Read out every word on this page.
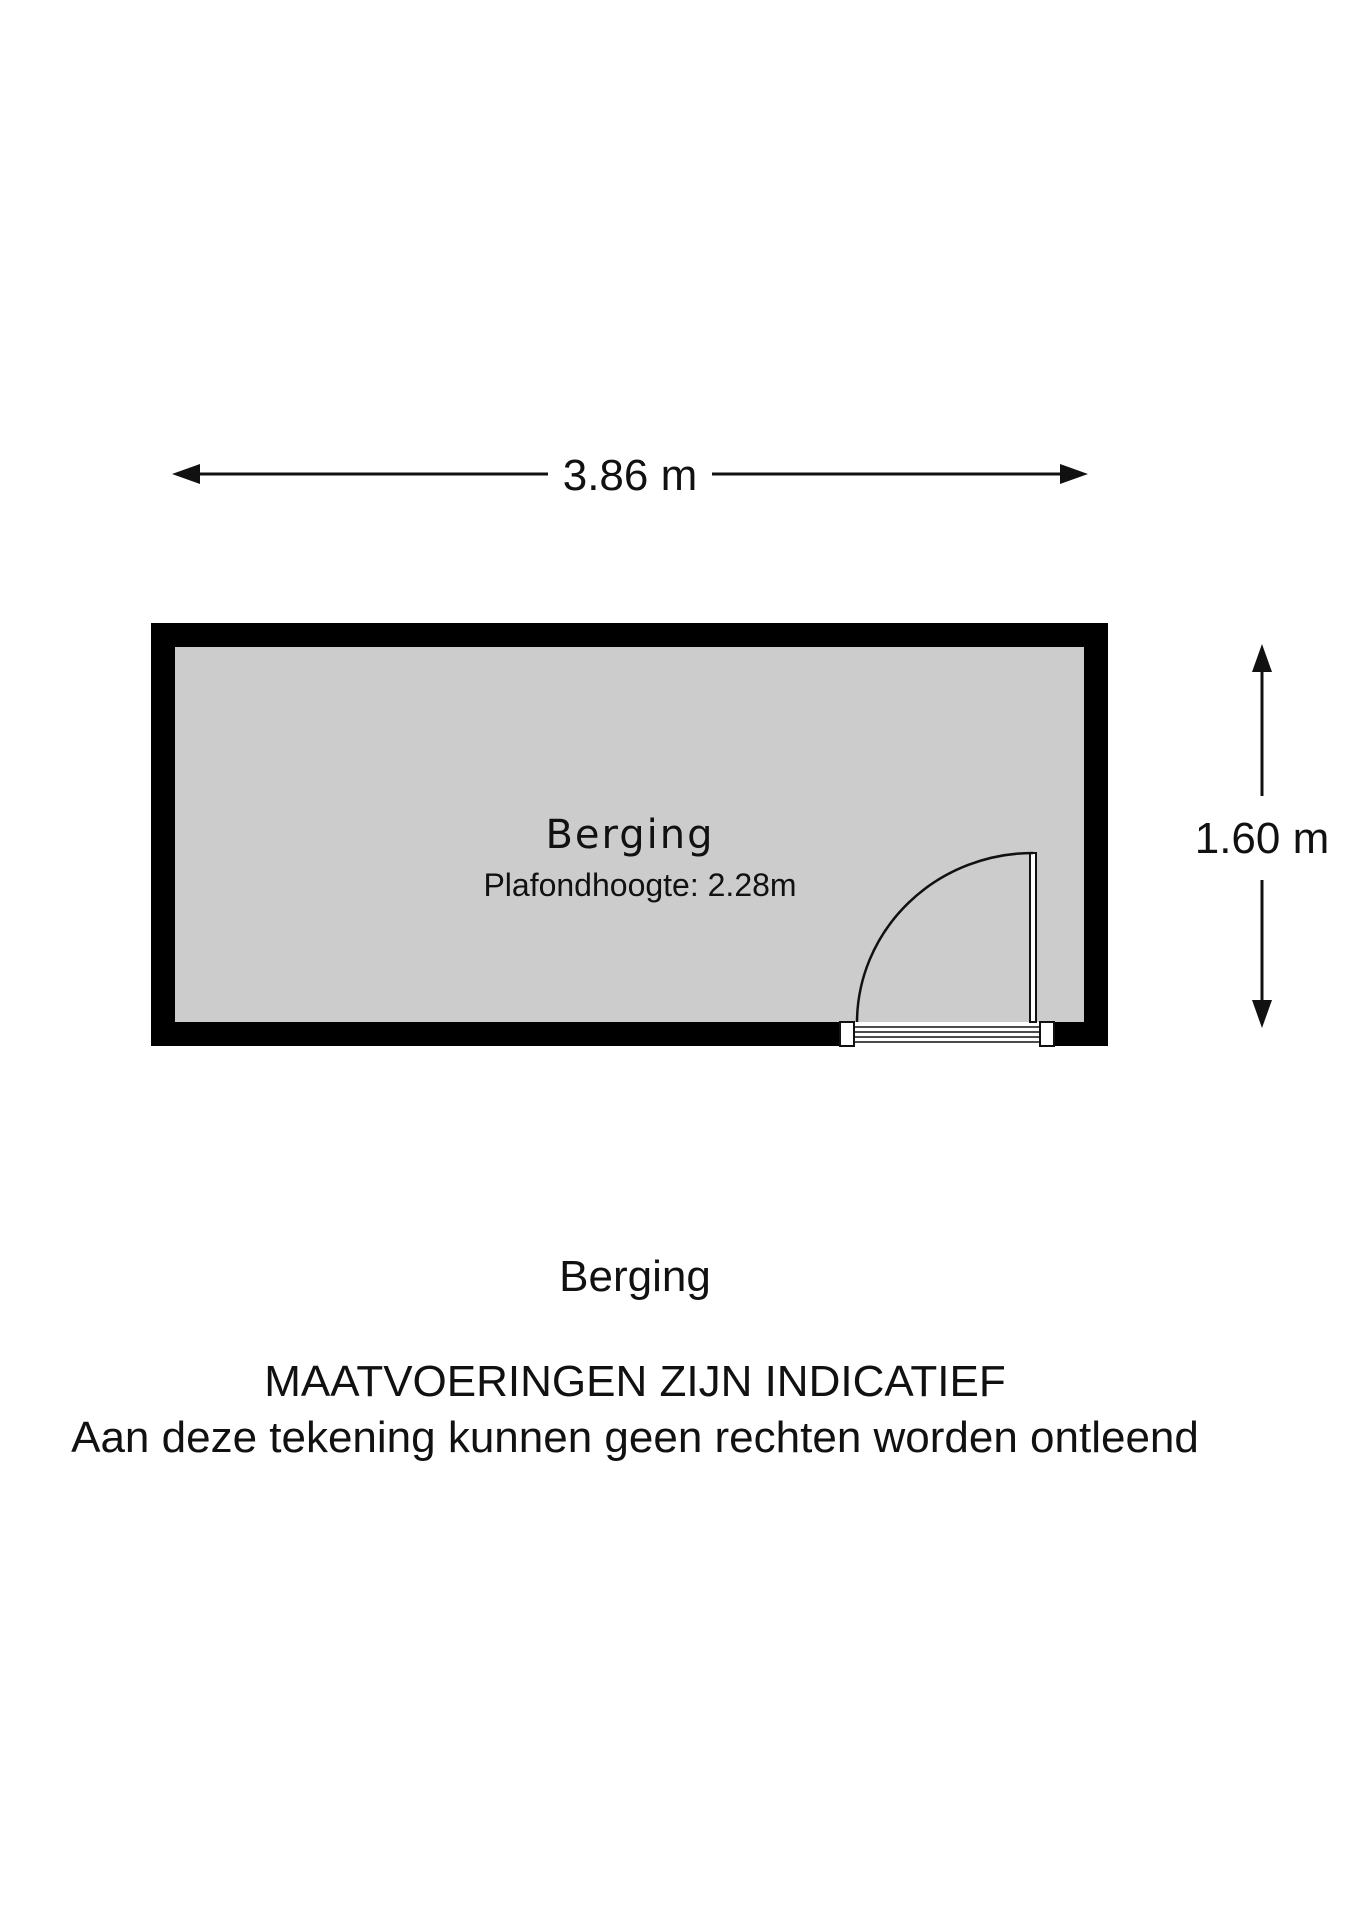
3.86 m
Berging
Plafondhoogte: 2.28m
1.60 m
Berging
MAATVOERINGEN ZIJN INDICATIEF
Aan deze tekening kunnen geen rechten worden ontleend
